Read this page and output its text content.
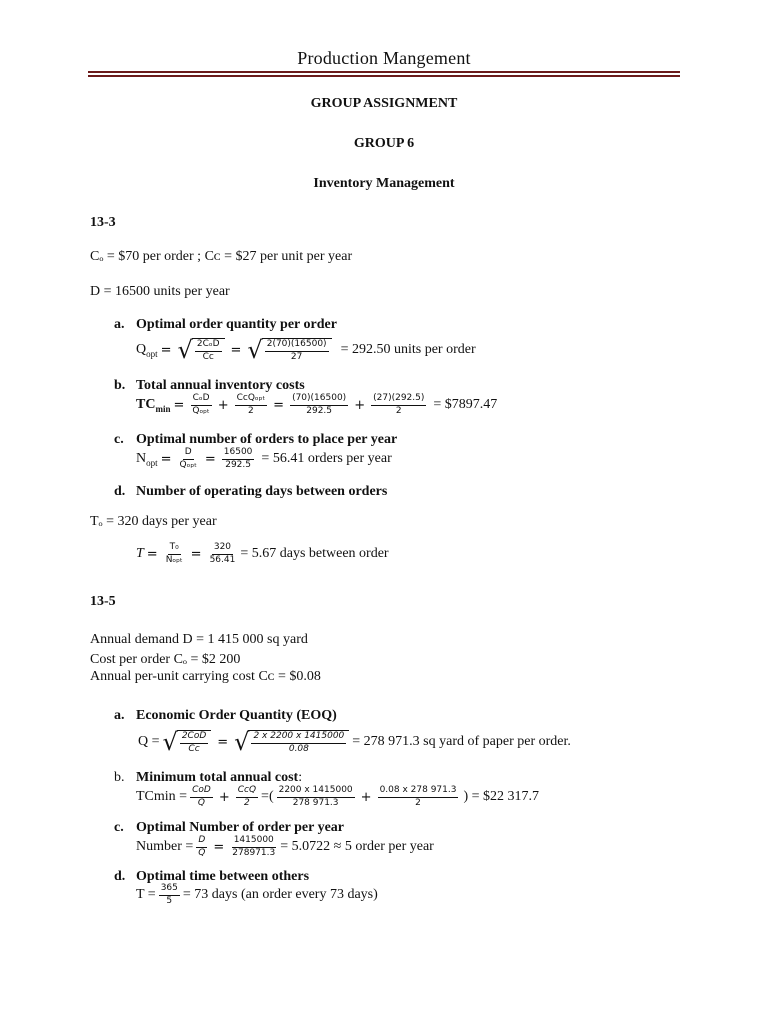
Production Mangement
GROUP ASSIGNMENT
GROUP 6
Inventory Management
13-3
Cₒ = $70 per order ; Cᴄ = $27 per unit per year
D = 16500 units per year
a. Optimal order quantity per order
$Q_{opt}$ = √ $\frac{\text{2CₒD}}{\text{Cᴄ}}$ = √ $\frac{2(70)(16500)}{27} = 292.50$ units per order
b. Total annual inventory costs
$TC_{min} = \frac{\text{CₒD}}{\text{Qₒₚₜ}} + \frac{\text{CᴄQₒₚₜ}}{2} = \frac{(70)(16500)}{292.5} + \frac{(27)(292.5)}{2}$ = $7897.47
c. Optimal number of orders to place per year
$N_{opt} = \frac{D}{\text{Qₒₚₜ}} = \frac{16500}{292.5} = 56.41$ orders per year
d. Number of operating days between orders
Tₒ = 320 days per year
$T = \frac{\text{T₀}}{\text{Nₒₚₜ}} = \frac{320}{56.41} = 5.67$ days between order
13-5
Annual demand D = 1 415 000 sq yard
Cost per order Cₒ = $2 200
Annual per-unit carrying cost Cᴄ = $0.08
a. Economic Order Quantity (EOQ)
Q = √ $\frac{\text{2CoD}}{Cc}$ = √ $\frac{2 x 2200 x 1415000}{0.08} = 278$ 971.3 sq yard of paper per order.
b. Minimum total annual cost:
$TCmin = \frac{\text{CoD}}{Q} + \frac{\text{CcQ}}{2}$ =( $\frac{2200 x 1415000}{278 971.3} + \frac{0.08 x 278 971.3}{2}$ ) = $22 317.7
c. Optimal Number of order per year
Number = $\frac{D}{Q} = \frac{1415000}{278971.3} = 5.0722 \approx 5$ order per year
d. Optimal time between others
$T = \frac{365}{5} = 73$ days (an order every 73 days)
